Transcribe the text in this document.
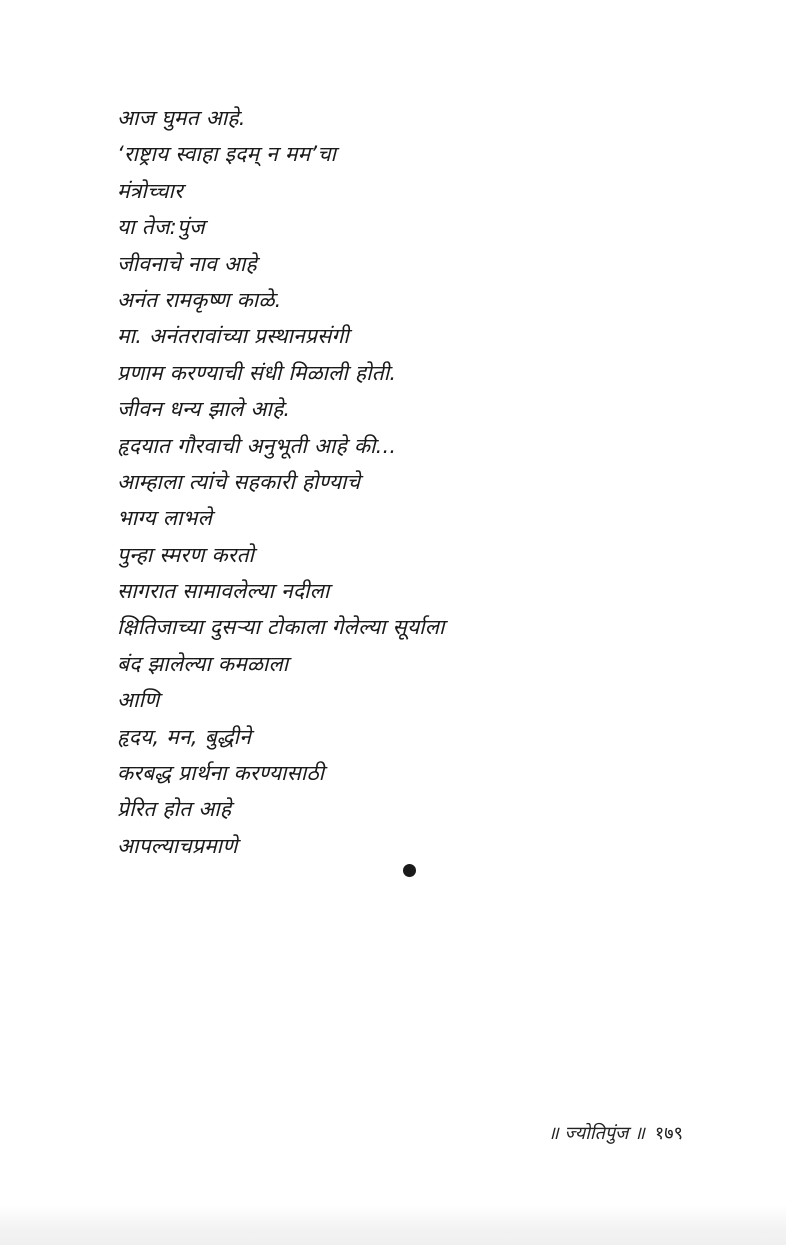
आज घुमत आहे.
‘राष्ट्राय स्वाहा इदम् न मम’चा
मंत्रोच्चार
या तेज:पुंज
जीवनाचे नाव आहे
अनंत रामकृष्ण काळे.
मा. अनंतरावांच्या प्रस्थानप्रसंगी
प्रणाम करण्याची संधी मिळाली होती.
जीवन धन्य झाले आहे.
हृदयात गौरवाची अनुभूती आहे की...
आम्हाला त्यांचे सहकारी होण्याचे
भाग्य लाभले
पुन्हा स्मरण करतो
सागरात सामावलेल्या नदीला
क्षितिजाच्या दुसऱ्या टोकाला गेलेल्या सूर्याला
बंद झालेल्या कमळाला
आणि
हृदय, मन, बुद्धीने
करबद्ध प्रार्थना करण्यासाठी
प्रेरित होत आहे
आपल्याचप्रमाणे
॥ ज्योतिपुंज ॥ १७९
